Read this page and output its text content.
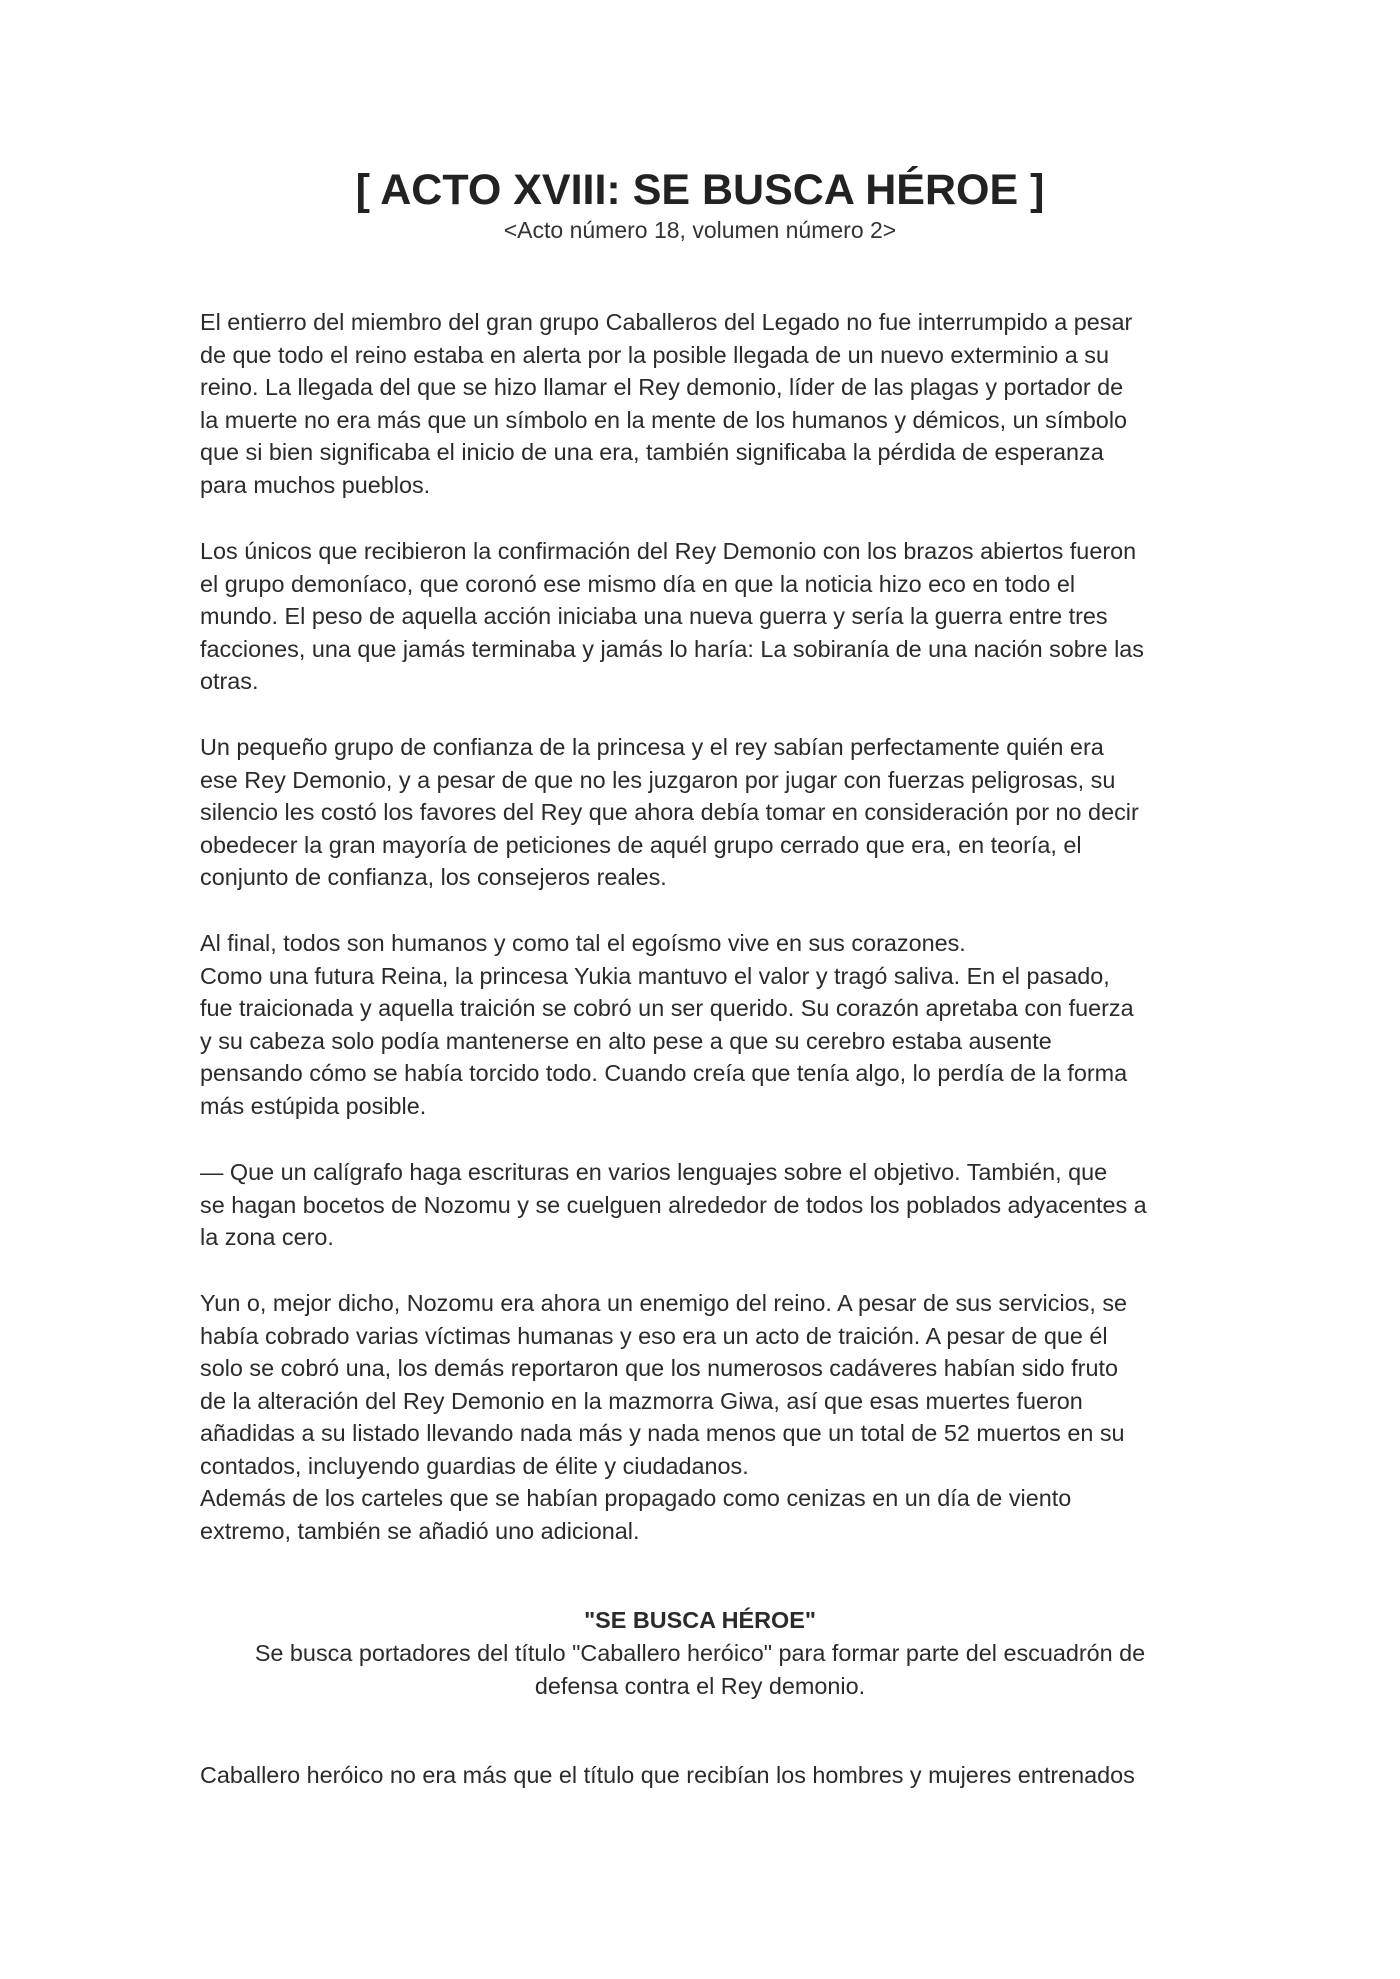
[ ACTO XVIII: SE BUSCA HÉROE ]

<Acto número 18, volumen número 2>

El entierro del miembro del gran grupo Caballeros del Legado no fue interrumpido a pesar
de que todo el reino estaba en alerta por la posible llegada de un nuevo exterminio a su
reino. La llegada del que se hizo llamar el Rey demonio, líder de las plagas y portador de
la muerte no era más que un símbolo en la mente de los humanos y démicos, un símbolo
que si bien significaba el inicio de una era, también significaba la pérdida de esperanza
para muchos pueblos.

Los únicos que recibieron la confirmación del Rey Demonio con los brazos abiertos fueron
el grupo demoníaco, que coronó ese mismo día en que la noticia hizo eco en todo el
mundo. El peso de aquella acción iniciaba una nueva guerra y sería la guerra entre tres
facciones, una que jamás terminaba y jamás lo haría: La sobiranía de una nación sobre las
otras.

Un pequeño grupo de confianza de la princesa y el rey sabían perfectamente quién era
ese Rey Demonio, y a pesar de que no les juzgaron por jugar con fuerzas peligrosas, su
silencio les costó los favores del Rey que ahora debía tomar en consideración por no decir
obedecer la gran mayoría de peticiones de aquél grupo cerrado que era, en teoría, el
conjunto de confianza, los consejeros reales.

Al final, todos son humanos y como tal el egoísmo vive en sus corazones.
Como una futura Reina, la princesa Yukia mantuvo el valor y tragó saliva. En el pasado,
fue traicionada y aquella traición se cobró un ser querido. Su corazón apretaba con fuerza
y su cabeza solo podía mantenerse en alto pese a que su cerebro estaba ausente
pensando cómo se había torcido todo. Cuando creía que tenía algo, lo perdía de la forma
más estúpida posible.

— Que un calígrafo haga escrituras en varios lenguajes sobre el objetivo. También, que
se hagan bocetos de Nozomu y se cuelguen alrededor de todos los poblados adyacentes a
la zona cero.

Yun o, mejor dicho, Nozomu era ahora un enemigo del reino. A pesar de sus servicios, se
había cobrado varias víctimas humanas y eso era un acto de traición. A pesar de que él
solo se cobró una, los demás reportaron que los numerosos cadáveres habían sido fruto
de la alteración del Rey Demonio en la mazmorra Giwa, así que esas muertes fueron
añadidas a su listado llevando nada más y nada menos que un total de 52 muertos en su
contados, incluyendo guardias de élite y ciudadanos.
Además de los carteles que se habían propagado como cenizas en un día de viento
extremo, también se añadió uno adicional.

"SE BUSCA HÉROE"

Se busca portadores del título "Caballero heróico" para formar parte del escuadrón de
defensa contra el Rey demonio.

Caballero heróico no era más que el título que recibían los hombres y mujeres entrenados
